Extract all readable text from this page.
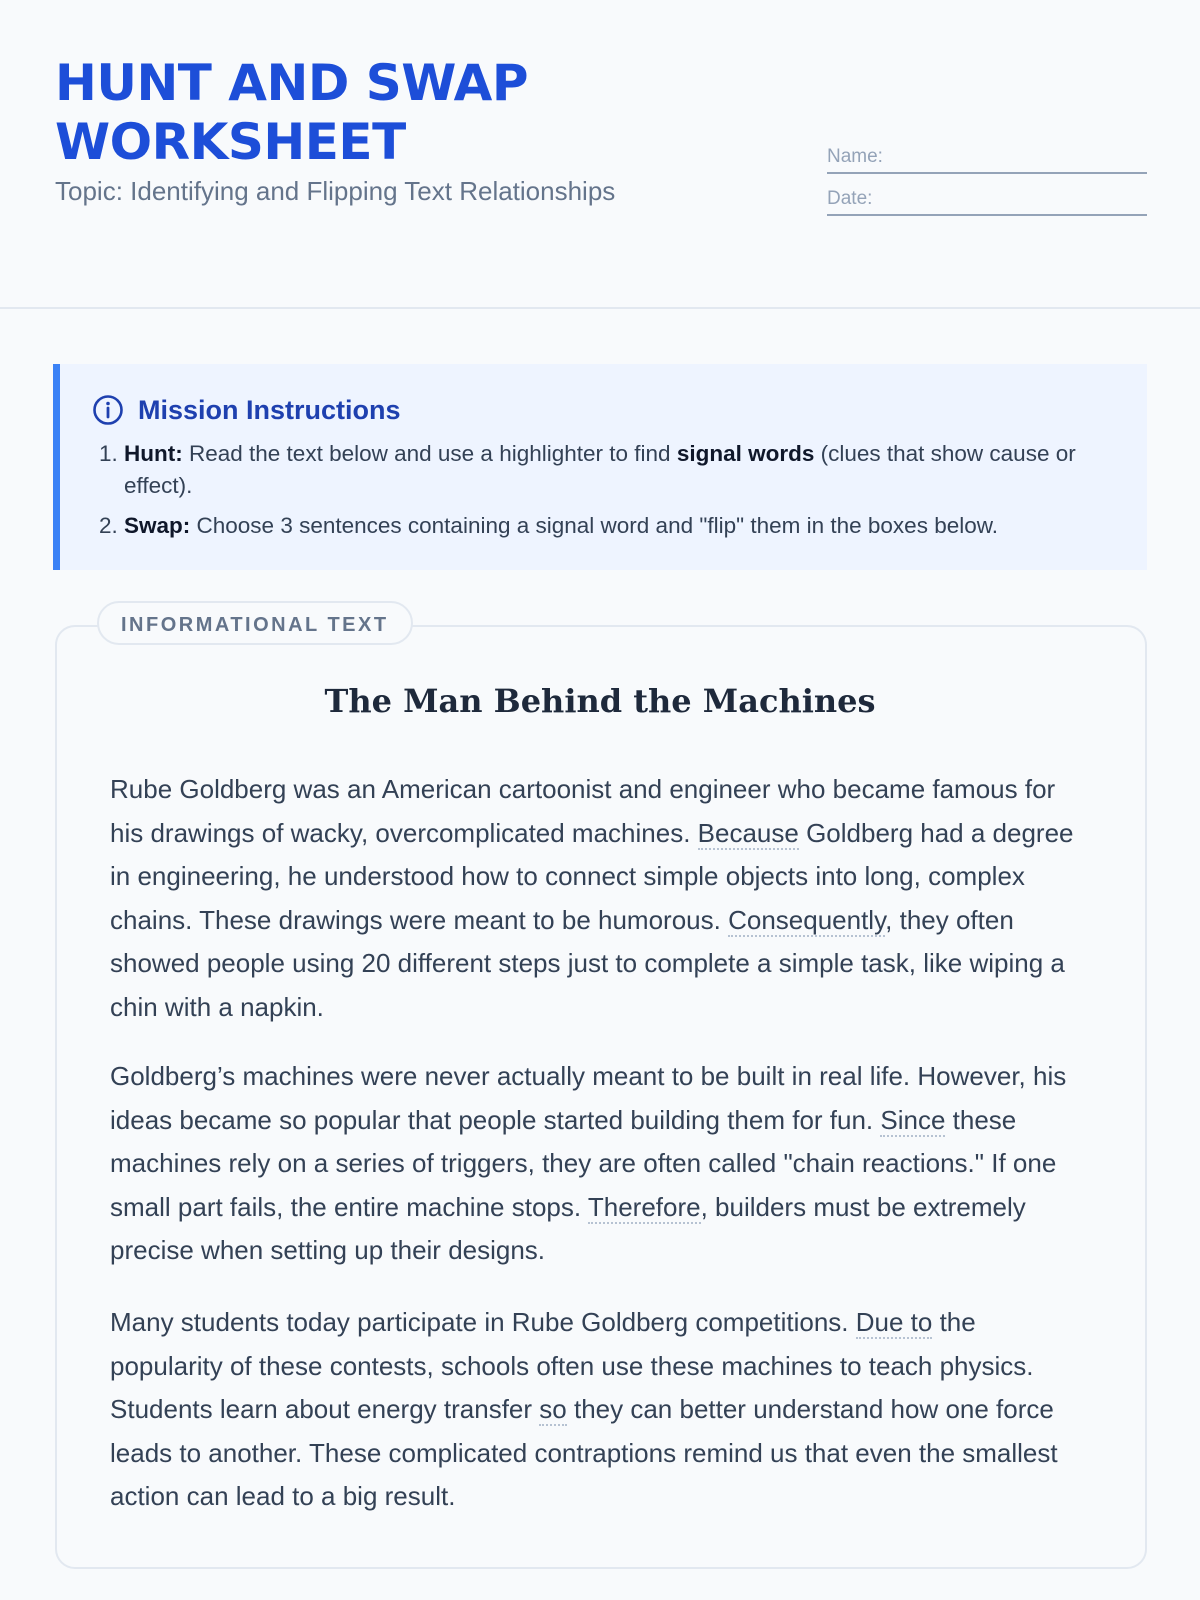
HUNT AND SWAP WORKSHEET
Topic: Identifying and Flipping Text Relationships
Name:
Date:
Mission Instructions
1. Hunt: Read the text below and use a highlighter to find signal words (clues that show cause or effect).
2. Swap: Choose 3 sentences containing a signal word and "flip" them in the boxes below.
INFORMATIONAL TEXT
The Man Behind the Machines

Rube Goldberg was an American cartoonist and engineer who became famous for his drawings of wacky, overcomplicated machines. Because Goldberg had a degree in engineering, he understood how to connect simple objects into long, complex chains. These drawings were meant to be humorous. Consequently, they often showed people using 20 different steps just to complete a simple task, like wiping a chin with a napkin.

Goldberg’s machines were never actually meant to be built in real life. However, his ideas became so popular that people started building them for fun. Since these machines rely on a series of triggers, they are often called "chain reactions." If one small part fails, the entire machine stops. Therefore, builders must be extremely precise when setting up their designs.

Many students today participate in Rube Goldberg competitions. Due to the popularity of these contests, schools often use these machines to teach physics. Students learn about energy transfer so they can better understand how one force leads to another. These complicated contraptions remind us that even the smallest action can lead to a big result.
